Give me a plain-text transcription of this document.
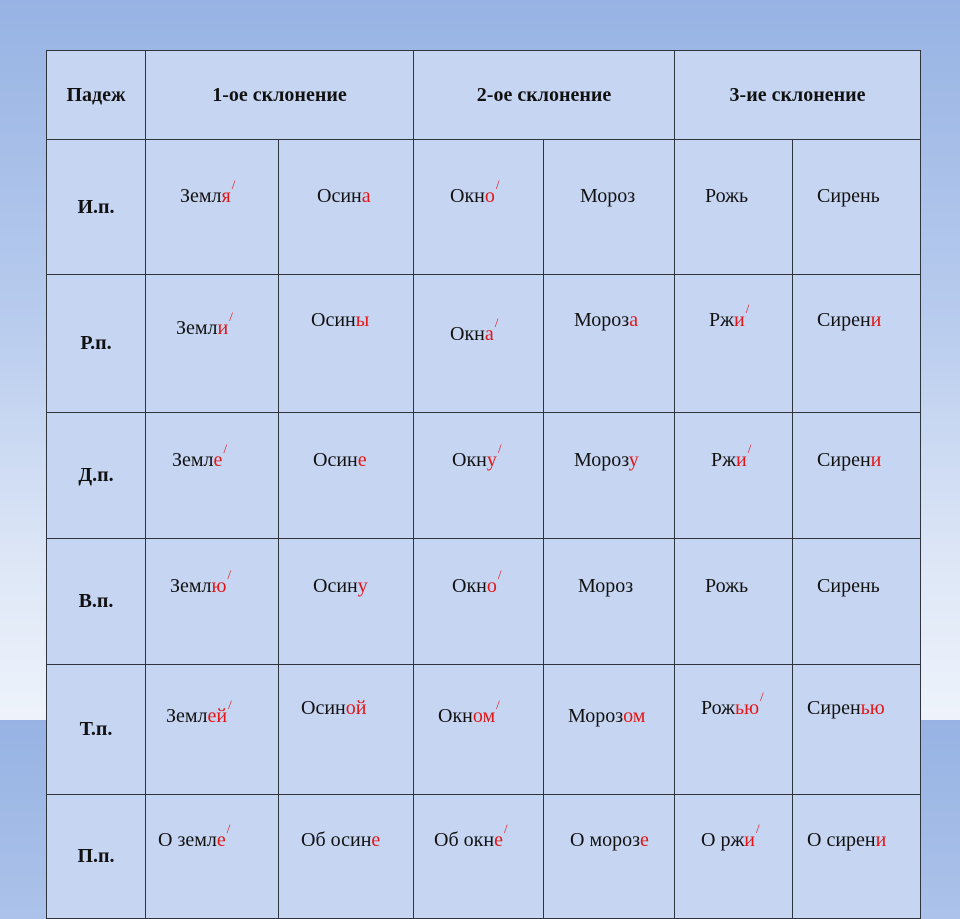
Падеж	1-ое склонение		2-ое склонение		3-ие склонение	
И.п.	Земля/	Осина	Окно/	Мороз	Рожь	Сирень
Р.п.	Земли/	Осины	Окна/	Мороза	Ржи/	Сирени
Д.п.	Земле/	Осине	Окну/	Морозу	Ржи/	Сирени
В.п.	Землю/	Осину	Окно/	Мороз	Рожь	Сирень
Т.п.	Землей/	Осиной	Окном/	Морозом	Рожью/	Сиренью
П.п.	О земле/	Об осине	Об окне/	О морозе	О ржи/	О сирени
